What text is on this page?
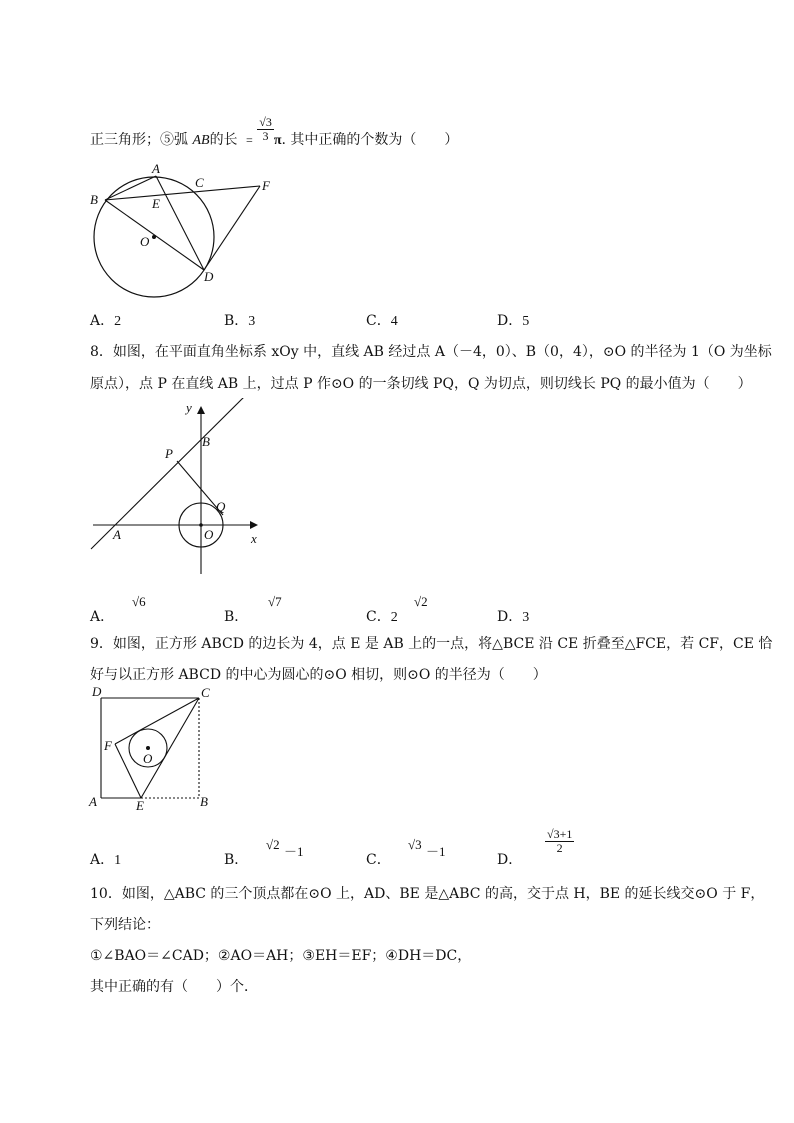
正三角形；⑤弧 AB的长 =
$\frac{√3}{3} \pi$. 其中正确的个数为（　　）
A
B
C
D
E
F
O
A．2	B．3	C．4	D．5
8．如图，在平面直角坐标系 xOy 中，直线 AB 经过点 A（－4，0）、B（0，4），⊙O 的半径为 1（O 为坐标
原点），点 P 在直线 AB 上，过点 P 作⊙O 的一条切线 PQ，Q 为切点，则切线长 PQ 的最小值为（　　）
y
x
B
P
Q
A	O
A．
√6
B．
√7
C．2
√2
D．3
9．如图，正方形 ABCD 的边长为 4，点 E 是 AB 上的一点，将△BCE 沿 CE 折叠至△FCE，若 CF，CE 恰
好与以正方形 ABCD 的中心为圆心的⊙O 相切，则⊙O 的半径为（　　）
D	C
F
O
A	E	B
A．1	B．
√2 －1
C．
√3 －1
D．
$\frac{√3+1}{2}$
10．如图，△ABC 的三个顶点都在⊙O 上，AD、BE 是△ABC 的高，交于点 H，BE 的延长线交⊙O 于 F，
下列结论：
①∠BAO＝∠CAD；②AO＝AH；③EH＝EF；④DH＝DC，
其中正确的有（　　）个．
